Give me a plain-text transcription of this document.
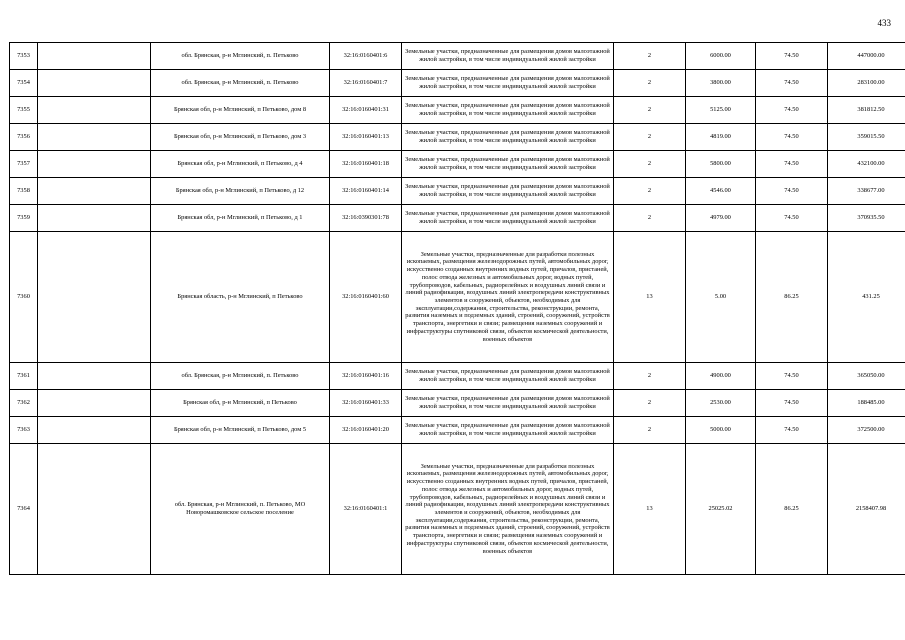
433
7353		обл. Брянская, р-н Мглинский, п. Петьково	32:16:0160401:6	Земельные участки, предназначенные для размещения домов малоэтажной жилой застройки, в том числе индивидуальной жилой застройки	2	6000.00	74.50	447000.00
7354		обл. Брянская, р-н Мглинский, п. Петьково	32:16:0160401:7	Земельные участки, предназначенные для размещения домов малоэтажной жилой застройки, в том числе индивидуальной жилой застройки	2	3800.00	74.50	283100.00
7355		Брянская обл, р-н Мглинский, п Петьково, дом 8	32:16:0160401:31	Земельные участки, предназначенные для размещения домов малоэтажной жилой застройки, в том числе индивидуальной жилой застройки	2	5125.00	74.50	381812.50
7356		Брянская обл, р-н Мглинский, п Петьково, дом 3	32:16:0160401:13	Земельные участки, предназначенные для размещения домов малоэтажной жилой застройки, в том числе индивидуальной жилой застройки	2	4819.00	74.50	359015.50
7357		Брянская обл, р-н Мглинский, п Петьково, д 4	32:16:0160401:18	Земельные участки, предназначенные для размещения домов малоэтажной жилой застройки, в том числе индивидуальной жилой застройки	2	5800.00	74.50	432100.00
7358		Брянская обл, р-н Мглинский, п Петьково, д 12	32:16:0160401:14	Земельные участки, предназначенные для размещения домов малоэтажной жилой застройки, в том числе индивидуальной жилой застройки	2	4546.00	74.50	338677.00
7359		Брянская обл, р-н Мглинский, п Петьково, д 1	32:16:0390301:78	Земельные участки, предназначенные для размещения домов малоэтажной жилой застройки, в том числе индивидуальной жилой застройки	2	4979.00	74.50	370935.50
7360		Брянская область, р-н Мглинский, п Петьково	32:16:0160401:60	Земельные участки, предназначенные для разработки полезных ископаемых, размещения железнодорожных путей, автомобильных дорог, искусственно созданных внутренних водных путей, причалов, пристаней, полос отвода железных и автомобильных дорог, водных путей, трубопроводов, кабельных, радиорелейных и воздушных линий связи и линий радиофикации, воздушных линий электропередачи конструктивных элементов и сооружений, объектов, необходимых для эксплуатации,содержания, строительства, реконструкции, ремонта, развития наземных и подземных зданий, строений, сооружений, устройств транспорта, энергетики и связи; размещения наземных сооружений и инфраструктуры спутниковой связи, объектов космической деятельности, военных объектов	13	5.00	86.25	431.25
7361		обл. Брянская, р-н Мглинский, п. Петьково	32:16:0160401:16	Земельные участки, предназначенные для размещения домов малоэтажной жилой застройки, в том числе индивидуальной жилой застройки	2	4900.00	74.50	365050.00
7362		Брянская обл, р-н Мглинский, п Петьково	32:16:0160401:33	Земельные участки, предназначенные для размещения домов малоэтажной жилой застройки, в том числе индивидуальной жилой застройки	2	2530.00	74.50	188485.00
7363		Брянская обл, р-н Мглинский, п Петьково, дом 5	32:16:0160401:20	Земельные участки, предназначенные для размещения домов малоэтажной жилой застройки, в том числе индивидуальной жилой застройки	2	5000.00	74.50	372500.00
7364		обл. Брянская, р-н Мглинский, п. Петьково, МО Новоромашковское сельское поселение	32:16:0160401:1	Земельные участки, предназначенные для разработки полезных ископаемых, размещения железнодорожных путей, автомобильных дорог, искусственно созданных внутренних водных путей, причалов, пристаней, полос отвода железных и автомобильных дорог, водных путей, трубопроводов, кабельных, радиорелейных и воздушных линий связи и линий радиофикации, воздушных линий электропередачи конструктивных элементов и сооружений, объектов, необходимых для эксплуатации,содержания, строительства, реконструкции, ремонта, развития наземных и подземных зданий, строений, сооружений, устройств транспорта, энергетики и связи; размещения наземных сооружений и инфраструктуры спутниковой связи, объектов космической деятельности, военных объектов	13	25025.02	86.25	2158407.98
